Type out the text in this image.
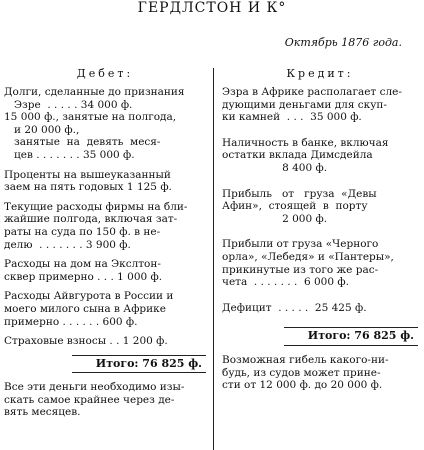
ГЕРДЛСТОН И К°
Октябрь 1876 года.
Дебет:
Долги, сделанные до признания
Эзре  . . . . . 34 000 ф.
15 000 ф., занятые на полгода,
и 20 000 ф.,
занятые  на  девять  меся-
цев . . . . . . . 35 000 ф.
Проценты на вышеуказанный
заем на пять годовых 1 125 ф.
Текущие расходы фирмы на бли-
жайшие полгода, включая зат-
раты на суда по 150 ф. в не-
делю  . . . . . . . 3 900 ф.
Расходы на дом на Экслтон-
сквер примерно . . . 1 000 ф.
Расходы Айвгурота в России и
моего милого сына в Африке
примерно . . . . . . 600 ф.
Страховые взносы . . 1 200 ф.
Итого: 76 825 ф.
Все эти деньги необходимо изы-
скать самое крайнее через де-
вять месяцев.
Кредит:
Эзра в Африке располагает сле-
дующими деньгами для скуп-
ки камней  . . .  35 000 ф.
Наличность в банке, включая
остатки вклада Димсдейла
8 400 ф.
Прибыль   от   груза  «Девы
Афин»,  стоящей  в  порту
2 000 ф.
Прибыли от груза «Черного
орла», «Лебедя» и «Пантеры»,
прикинутые из того же рас-
чета  . . . . . . .  6 000 ф.
Дефицит  . . . . .  25 425 ф.
Итого: 76 825 ф.
Возможная гибель какого-ни-
будь, из судов может прине-
сти от 12 000 ф. до 20 000 ф.
